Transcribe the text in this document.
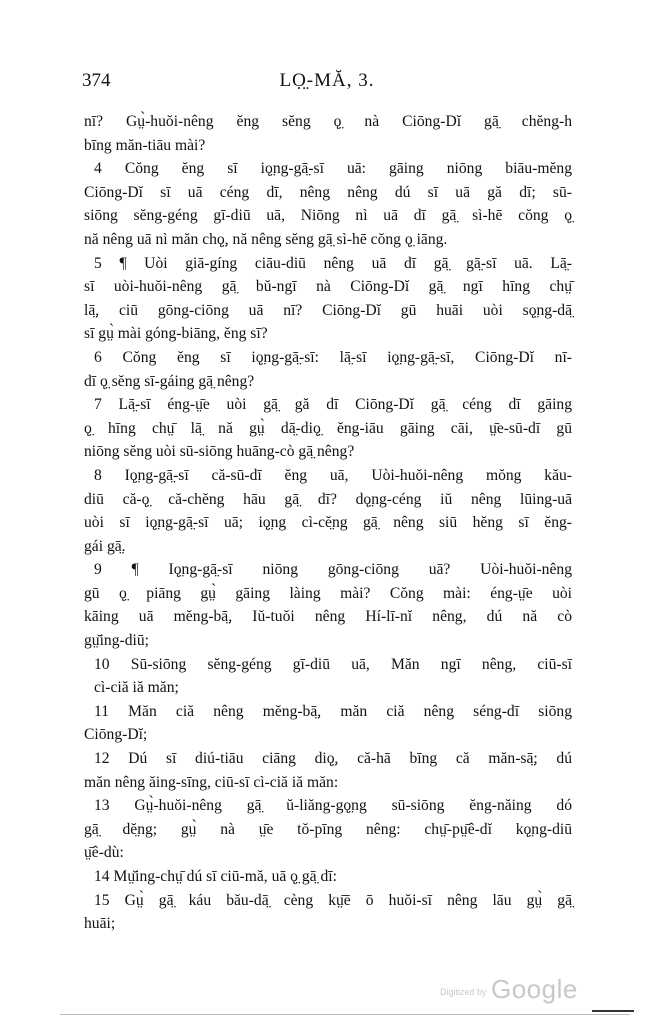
374	LỌ̤-MĂ, 3.
nī? Gṳ̀-huŏi-nêng ĕng sĕng ǫ̤ nà Ciōng-Dĭ gā̤ chĕng-h
bīng măn-tiāu mài?
4 Cŏng ĕng sī iǫ̤ng-gā̤-sī uā: gāing niōng biāu-mĕng
Ciōng-Dĭ sī uā céng dī, nêng nêng dú sī uā gă dī; sū-
siōng sĕng-géng gī-diū uā, Niōng nì uā dī gā̤ sì-hē cŏng ǫ̤
nă nêng uā nì măn chǫ̤, nă nêng sĕng gā̤ sì-hē cŏng ǫ̤ iāng.
5 ¶ Uòi giā-gíng ciāu-diū nêng uā dī gā̤ gā̤-sī uā. Lā̤-
sī uòi-huŏi-nêng gā̤ bŭ-ngī nà Ciōng-Dĭ gā̤ ngī hīng chṳ̄
lā̤, ciū gōng-ciōng uā nī? Ciōng-Dĭ gū huāi uòi sǫ̤ng-dā̤
sī gṳ̀ mài góng-biāng, ĕng sī?
6 Cŏng ĕng sī iǫ̤ng-gā̤-sī: lā̤-sī iǫ̤ng-gā̤-sī, Ciōng-Dĭ nī-
dī ǫ̤ sĕng sī-gáing gā̤ nêng?
7 Lā̤-sī éng-ṳ̄e uòi gā̤ gă dī Ciōng-Dĭ gā̤ céng dī gāing
ǫ̤ hīng chṳ̄ lā̤ nă gṳ̀ dā̤-diǫ̤ ĕng-iāu gāing cāi, ṳ̄e-sū-dī gū
niōng sĕng uòi sū-siōng huāng-cò gā̤ nêng?
8 Iǫ̤ng-gā̤-sī că-sū-dī ĕng uā, Uòi-huŏi-nêng mŏng kău-
diū că-ǫ̤ că-chĕng hāu gā̤ dī? dǫ̤ng-céng iŭ nêng lūing-uā
uòi sī iǫ̤ng-gā̤-sī uā; iǫ̤ng cì-cĕ̤ng gā̤ nêng siū hĕng sī ĕng-
gái gā̤.
9 ¶ Iǫ̤ng-gā̤-sī niōng gōng-ciōng uā? Uòi-huŏi-nêng
gū ǫ̤ piāng gṳ̀ gāing làing mài? Cŏng mài: éng-ṳ̄e uòi
kāing uā mĕng-bā̤, Iŭ-tuŏi nêng Hí-lī-nĭ nêng, dú nă cò
gṳ̆ing-diū;
10 Sū-siōng sĕng-géng gī-diū uā, Măn ngī nêng, ciū-sī
cì-ciă iă măn;
11 Măn ciă nêng mĕng-bā̤, măn ciă nêng séng-dī siōng
Ciōng-Dĭ;
12 Dú sī diú-tiāu ciāng diǫ̤, că-hā bīng că măn-sā̤; dú
măn nêng ăing-sīng, ciū-sī cì-ciă iă măn:
13 Gṳ̀-huŏi-nêng gā̤ ŭ-liăng-gǫ̤ng sū-siōng ĕng-năing dó
gā̤ dĕ̤ng; gṳ̀ nà ṳ̄e tŏ-pīng nêng: chṳ̄-pṳ̄ê-dĭ kǫ̤ng-diū
ṳ̄ê-dù:
14 Mṳ̆ing-chṳ̄ dú sī ciū-mă, uā ǫ̤ gā̤ dī:
15 Gṳ̀ gā̤ káu bău-dā̤ cèng kṳ̄ē ō huŏi-sī nêng lāu gṳ̀ gā̤
huāi;
Digitized by Google
